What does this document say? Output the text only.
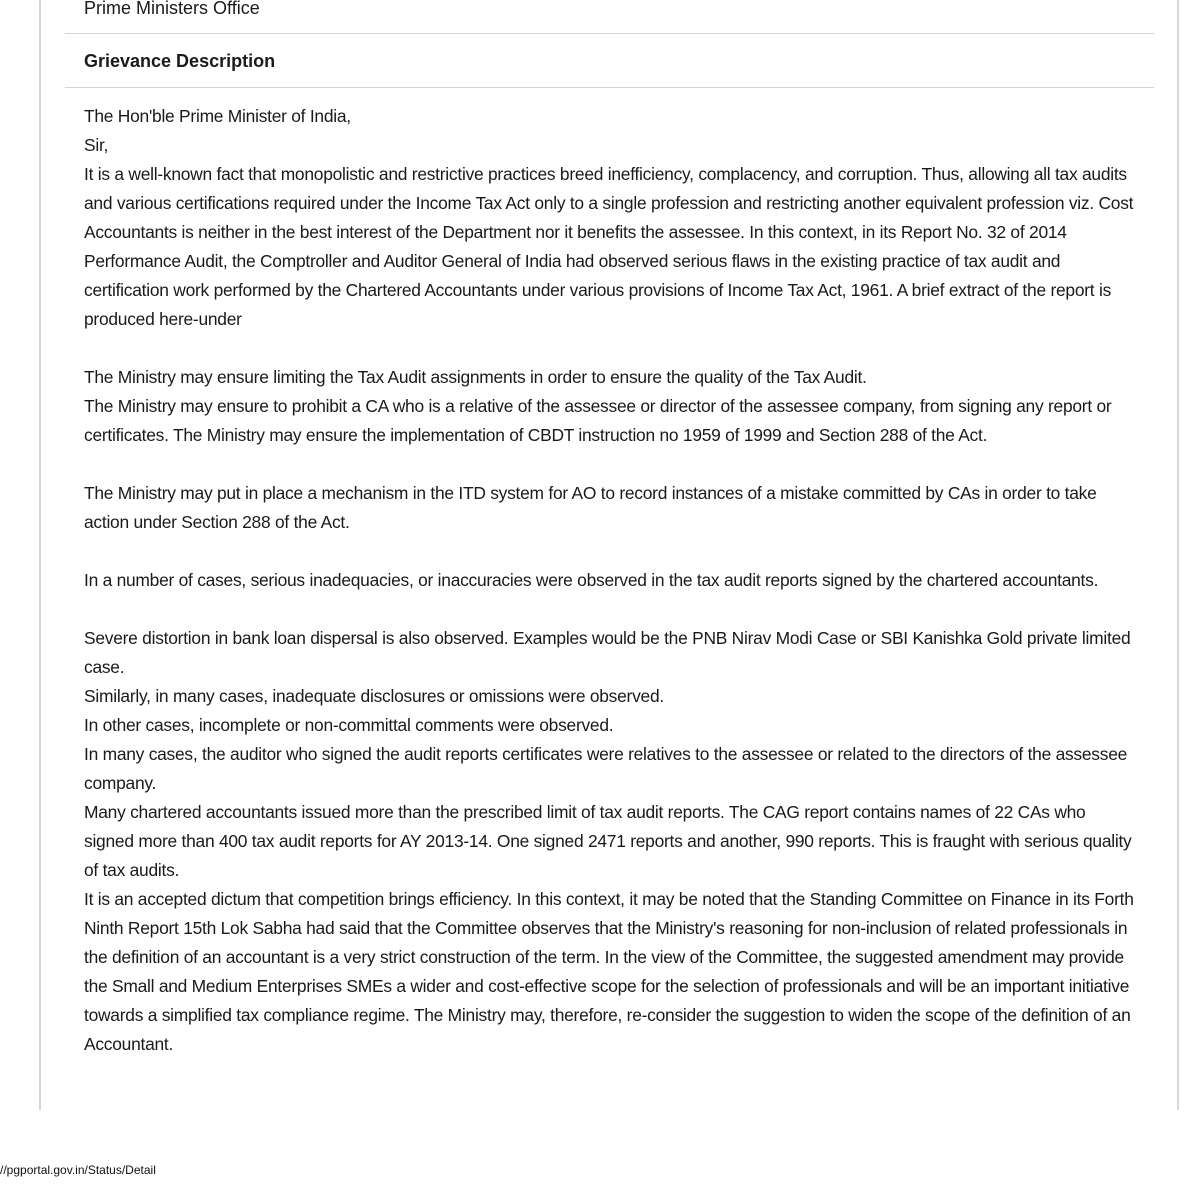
Prime Ministers Office
Grievance Description

The Hon'ble Prime Minister of India,

Sir,

It is a well-known fact that monopolistic and restrictive practices breed inefficiency, complacency, and corruption. Thus, allowing all tax audits and various certifications required under the Income Tax Act only to a single profession and restricting another equivalent profession viz. Cost Accountants is neither in the best interest of the Department nor it benefits the assessee. In this context, in its Report No. 32 of 2014 Performance Audit, the Comptroller and Auditor General of India had observed serious flaws in the existing practice of tax audit and certification work performed by the Chartered Accountants under various provisions of Income Tax Act, 1961. A brief extract of the report is produced here-under

The Ministry may ensure limiting the Tax Audit assignments in order to ensure the quality of the Tax Audit.

The Ministry may ensure to prohibit a CA who is a relative of the assessee or director of the assessee company, from signing any report or certificates. The Ministry may ensure the implementation of CBDT instruction no 1959 of 1999 and Section 288 of the Act.

The Ministry may put in place a mechanism in the ITD system for AO to record instances of a mistake committed by CAs in order to take action under Section 288 of the Act.

In a number of cases, serious inadequacies, or inaccuracies were observed in the tax audit reports signed by the chartered accountants.

Severe distortion in bank loan dispersal is also observed. Examples would be the PNB Nirav Modi Case or SBI Kanishka Gold private limited case.

Similarly, in many cases, inadequate disclosures or omissions were observed.

In other cases, incomplete or non-committal comments were observed.

In many cases, the auditor who signed the audit reports certificates were relatives to the assessee or related to the directors of the assessee company.

Many chartered accountants issued more than the prescribed limit of tax audit reports. The CAG report contains names of 22 CAs who signed more than 400 tax audit reports for AY 2013-14. One signed 2471 reports and another, 990 reports. This is fraught with serious quality of tax audits.

It is an accepted dictum that competition brings efficiency. In this context, it may be noted that the Standing Committee on Finance in its Forth Ninth Report 15th Lok Sabha had said that the Committee observes that the Ministry's reasoning for non-inclusion of related professionals in the definition of an accountant is a very strict construction of the term. In the view of the Committee, the suggested amendment may provide the Small and Medium Enterprises SMEs a wider and cost-effective scope for the selection of professionals and will be an important initiative towards a simplified tax compliance regime. The Ministry may, therefore, re-consider the suggestion to widen the scope of the definition of an Accountant.

//pgportal.gov.in/Status/Detail
